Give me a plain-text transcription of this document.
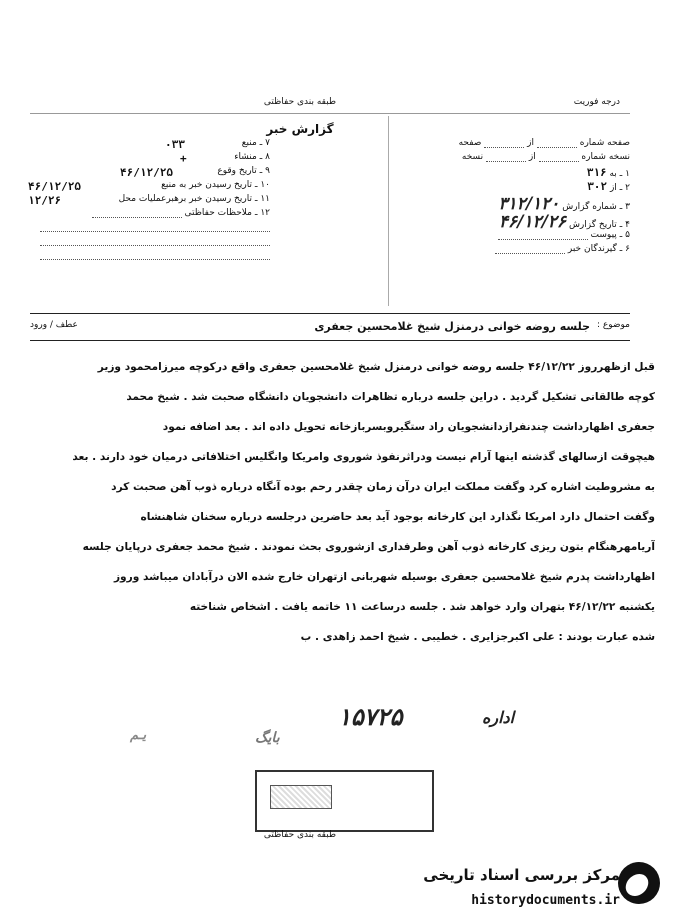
طبقه بندی حفاظتی
گزارش خبر
درجه فوریت
۷ ـ منبع
۰۳۳
۸ ـ منشاء
+
۹ ـ تاریخ وقوع
۴۶/۱۲/۲۵
۱۰ ـ تاریخ رسیدن خبر به منبع
۴۶/۱۲/۲۵
۱۱ ـ تاریخ رسیدن خبر برهبرعملیات محل
۱۲/۲۶
۱۲ ـ ملاحظات حفاظتی
صفحه شماره  از  صفحه
نسخه شماره  از  نسخه
۱ ـ به ۳۱۶
۲ ـ از ۳۰۲
۳ ـ شماره گزارش ۳۱۲/۱۲۰
۴ ـ تاریخ گزارش ۴۶/۱۲/۲۶
۵ ـ پیوست
۶ ـ گیرندگان خبر
موضوع :
جلسه روضه خوانی درمنزل شیخ غلامحسین جعفری
عطف / ورود

قبل ازظهرروز ۴۶/۱۲/۲۲ جلسه روضه خوانی درمنزل شیخ غلامحسین جعفری واقع درکوچه میرزامحمود وزیر

کوچه طالقانی تشکیل گردید . دراین جلسه درباره تظاهرات دانشجویان دانشگاه صحبت شد . شیخ محمد

جعفری اظهارداشت چندنفرازدانشجویان راد ستگیروبسربازخانه تحویل داده اند . بعد اضافه نمود

هیچوقت ازسالهای گذشته اینها آرام نیست ودراثرنفوذ شوروی وامریکا وانگلیس اختلافاتی درمیان خود دارند . بعد

به مشروطیت اشاره کرد وگفت مملکت ایران درآن زمان چقدر رحم بوده آنگاه درباره ذوب آهن صحبت کرد

وگفت احتمال دارد امریکا نگذارد این کارخانه بوجود آید بعد حاضرین درجلسه درباره سخنان شاهنشاه

آریامهرهنگام بتون ریزی کارخانه ذوب آهن وطرفداری ازشوروی بحث نمودند . شیخ محمد جعفری درپایان جلسه

اظهارداشت پدرم شیخ غلامحسین جعفری بوسیله شهربانی ازتهران خارج شده الان درآبادان میباشد وروز

یکشنبه ۴۶/۱۲/۲۲ بتهران وارد خواهد شد . جلسه درساعت ۱۱ خاتمه یافت . اشخاص شناخته

شده عبارت بودند : علی اکبرجزایری . خطیبی . شیخ احمد زاهدی . ب

۱۵۷۲۵	اداره
بایگ
یـم
طبقه بندی حفاظتی
مرکز بررسی اسناد تاریخی
historydocuments.ir
